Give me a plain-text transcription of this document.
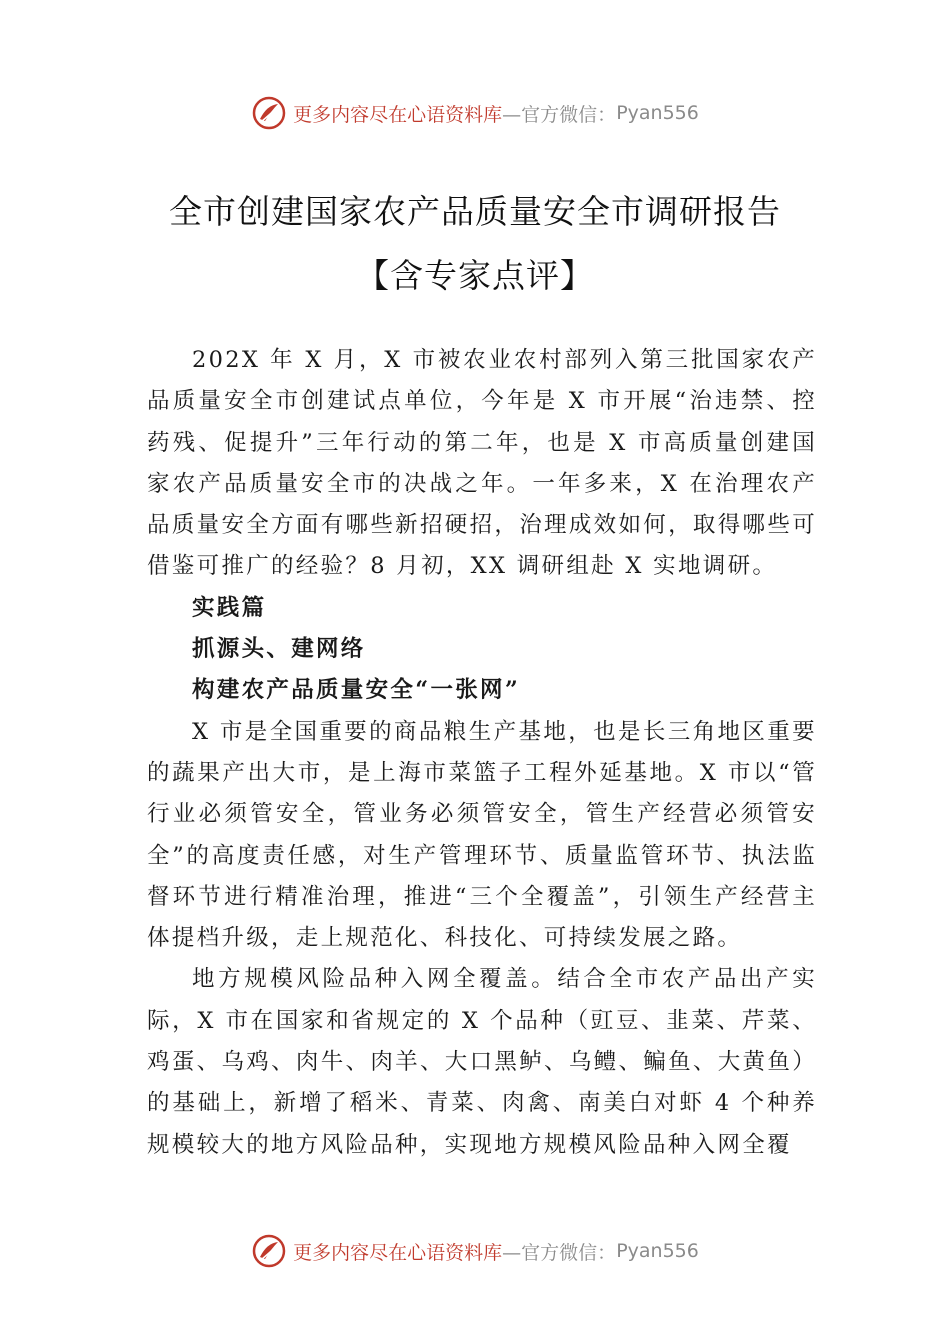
更多内容尽在心语资料库 —官方微信： Pyan556
全市创建国家农产品质量安全市调研报告
【含专家点评】

202X 年 X 月，X 市被农业农村部列入第三批国家农产品质量安全市创建试点单位，今年是 X 市开展“治违禁、控药残、促提升”三年行动的第二年，也是 X 市高质量创建国家农产品质量安全市的决战之年。一年多来，X 在治理农产品质量安全方面有哪些新招硬招，治理成效如何，取得哪些可借鉴可推广的经验？8 月初，XX 调研组赴 X 实地调研。

实践篇

抓源头、建网络

构建农产品质量安全“一张网”

X 市是全国重要的商品粮生产基地，也是长三角地区重要的蔬果产出大市，是上海市菜篮子工程外延基地。X 市以“管行业必须管安全，管业务必须管安全，管生产经营必须管安全”的高度责任感，对生产管理环节、质量监管环节、执法监督环节进行精准治理，推进“三个全覆盖”，引领生产经营主体提档升级，走上规范化、科技化、可持续发展之路。

地方规模风险品种入网全覆盖。结合全市农产品出产实际，X 市在国家和省规定的 X 个品种（豇豆、韭菜、芹菜、鸡蛋、乌鸡、肉牛、肉羊、大口黑鲈、乌鳢、鳊鱼、大黄鱼）的基础上，新增了稻米、青菜、肉禽、南美白对虾 4 个种养规模较大的地方风险品种，实现地方规模风险品种入网全覆

更多内容尽在心语资料库 —官方微信： Pyan556
